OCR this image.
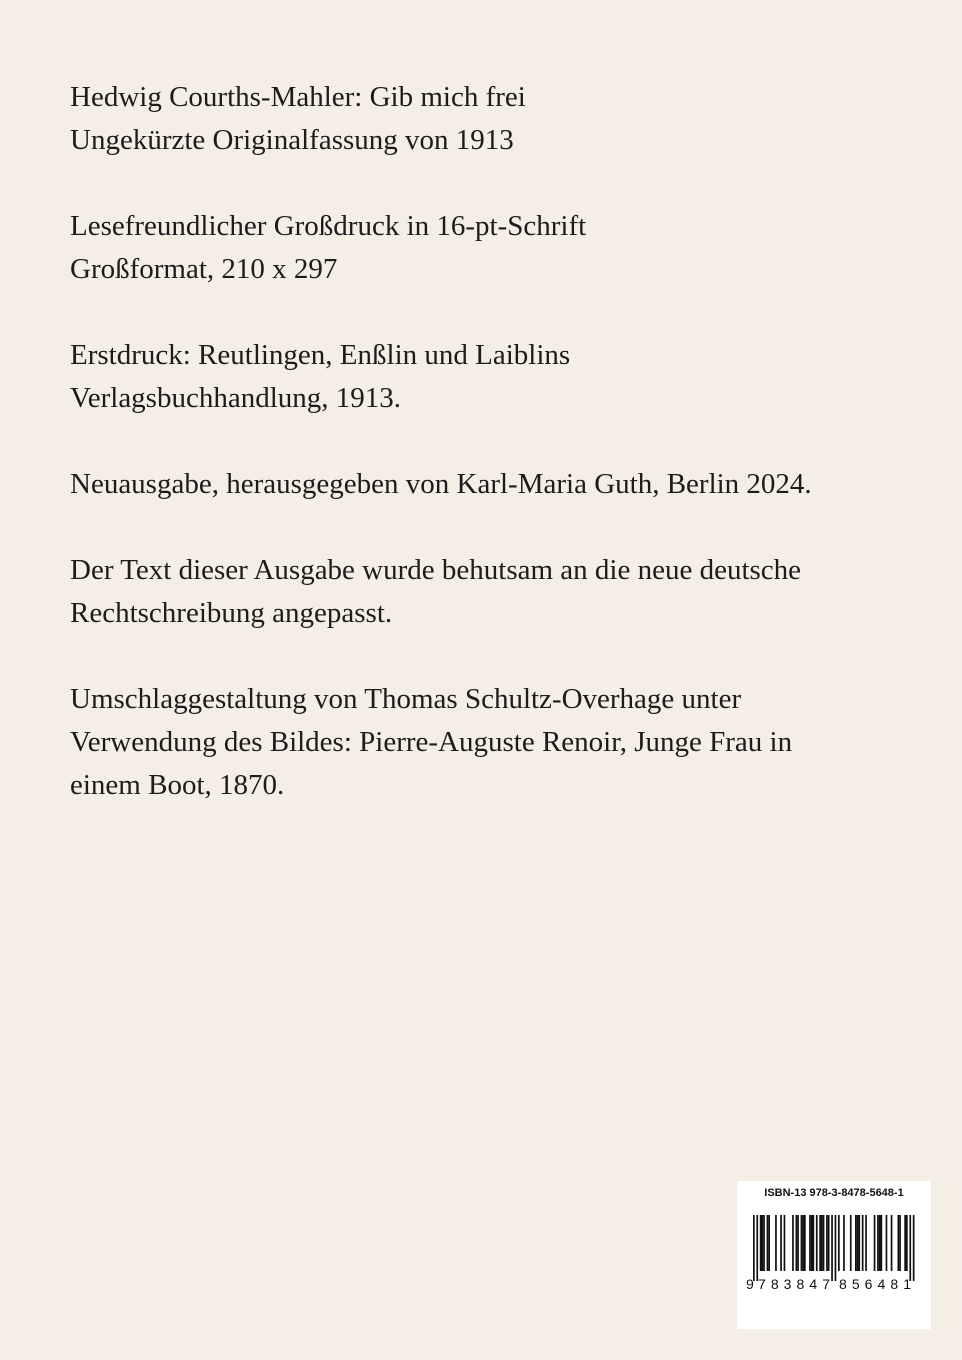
Hedwig Courths-Mahler: Gib mich frei
Ungekürzte Originalfassung von 1913

Lesefreundlicher Großdruck in 16-pt-Schrift
Großformat, 210 x 297

Erstdruck: Reutlingen, Enßlin und Laiblins
Verlagsbuchhandlung, 1913.

Neuausgabe, herausgegeben von Karl-Maria Guth, Berlin 2024.

Der Text dieser Ausgabe wurde behutsam an die neue deutsche
Rechtschreibung angepasst.

Umschlaggestaltung von Thomas Schultz-Overhage unter
Verwendung des Bildes: Pierre-Auguste Renoir, Junge Frau in
einem Boot, 1870.

ISBN-13 978-3-8478-5648-1
9 783847 856481
